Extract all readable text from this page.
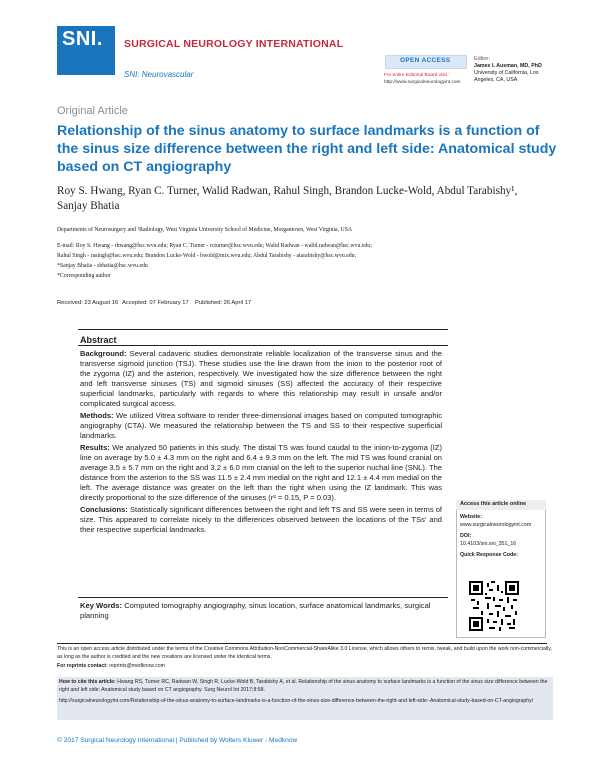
SNI. SURGICAL NEUROLOGY INTERNATIONAL
SNI: Neurovascular
OPEN ACCESS
For entire Editorial Board visit :
http://www.surgicalneurologyint.com
Editor:
James I. Ausman, MD, PhD
University of California, Los
Angeles, CA, USA
Original Article
Relationship of the sinus anatomy to surface landmarks is a function of the sinus size difference between the right and left side: Anatomical study based on CT angiography
Roy S. Hwang, Ryan C. Turner, Walid Radwan, Rahul Singh, Brandon Lucke-Wold, Abdul Tarabishy¹,
Sanjay Bhatia
Departments of Neurosurgery and ¹Radiology, West Virginia University School of Medicine, Morgantown, West Virginia, USA
E-mail: Roy S. Hwang - rhwang@hsc.wvu.edu; Ryan C. Turner - rcturner@hsc.wvu.edu; Walid Radwan - walid.radwan@hsc.wvu.edu;
Rahul Singh - rasingh@hsc.wvu.edu; Brandon Lucke-Wold - bwold@mix.wvu.edu; Abdul Tarabishy - atarabishy@hsc.wvu.edu;
*Sanjay Bhatia - sbhatia@hsc.wvu.edu
*Corresponding author
Received: 23 August 16 Accepted: 07 February 17 Published: 26 April 17
Abstract

Background: Several cadaveric studies demonstrate reliable localization of the transverse sinus and the transverse sigmoid junction (TSJ). These studies use the line drawn from the inion to the posterior root of the zygoma (IZ) and the asterion, respectively. We investigated how the size difference between the right and left transverse sinuses (TS) and sigmoid sinuses (SS) affected the accuracy of their respective superficial landmarks, particularly with regards to where this relationship may result in unsafe and/or complicated surgical access.

Methods: We utilized Vitrea software to render three-dimensional images based on computed tomographic angiography (CTA). We measured the relationship between the TS and SS to their respective superficial landmarks.

Results: We analyzed 50 patients in this study. The distal TS was found caudal to the inion-to-zygoma (IZ) line on average by 5.0 ± 4.3 mm on the right and 6.4 ± 9.3 mm on the left. The mid TS was found cranial on average 3.5 ± 5.7 mm on the right and 3.2 ± 6.0 mm cranial on the left to the superior nuchal line (SNL). The distance from the asterion to the SS was 11.5 ± 2.4 mm medial on the right and 12.1 ± 4.4 mm medial on the left. The average distance was greater on the left than the right when using the IZ landmark. This was directly proportional to the size difference of the sinuses (r² = 0.15, P = 0.03).

Conclusions: Statistically significant differences between the right and left TS and SS were seen in terms of size. This appeared to correlate nicely to the differences observed between the locations of the TSs' and their respective superficial landmarks.

Key Words: Computed tomography angiography, sinus location, surface anatomical landmarks, surgical planning
Access this article online
Website:
www.surgicalneurologyint.com
DOI:
10.4103/sni.sni_351_16
Quick Response Code:
This is an open access article distributed under the terms of the Creative Commons Attribution-NonCommercial-ShareAlike 3.0 License, which allows others to remix, tweak, and build upon the work non-commercially, as long as the author is credited and the new creations are licensed under the identical terms.
For reprints contact: reprints@medknow.com
How to cite this article: Hwang RS, Turner RC, Radwan W, Singh R, Lucke-Wold B, Tarabishy A, et al. Relationship of the sinus anatomy to surface landmarks is a function of the sinus size difference between the right and left side: Anatomical study based on CT angiography. Surg Neurol Int 2017;8:58.
http://surgicalneurologyint.com/Relationship-of-the-sinus-anatomy-to-surface-landmarks-is-a-function-of-the-sinus-size-difference-between-the-right-and-left-side:-Anatomical-study-based-on-CT-angiography/
© 2017 Surgical Neurology International | Published by Wolters Kluwer - Medknow
